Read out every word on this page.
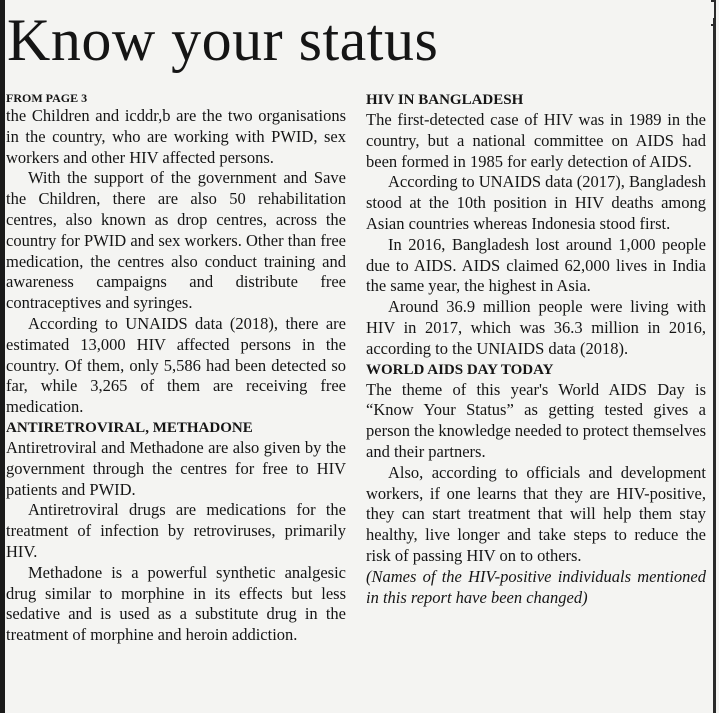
Know your status
FROM PAGE 3

the Children and icddr,b are the two organisations in the country, who are working with PWID, sex workers and other HIV affected persons.

With the support of the government and Save the Children, there are also 50 rehabilitation centres, also known as drop centres, across the country for PWID and sex workers. Other than free medication, the centres also conduct training and awareness campaigns and distribute free contraceptives and syringes.

According to UNAIDS data (2018), there are estimated 13,000 HIV affected persons in the country. Of them, only 5,586 had been detected so far, while 3,265 of them are receiving free medication.

ANTIRETROVIRAL, METHADONE

Antiretroviral and Methadone are also given by the government through the centres for free to HIV patients and PWID.

Antiretroviral drugs are medications for the treatment of infection by retroviruses, primarily HIV.

Methadone is a powerful synthetic analgesic drug similar to morphine in its effects but less sedative and is used as a substitute drug in the treatment of morphine and heroin addiction.

HIV IN BANGLADESH

The first-detected case of HIV was in 1989 in the country, but a national committee on AIDS had been formed in 1985 for early detection of AIDS.

According to UNAIDS data (2017), Bangladesh stood at the 10th position in HIV deaths among Asian countries whereas Indonesia stood first.

In 2016, Bangladesh lost around 1,000 people due to AIDS. AIDS claimed 62,000 lives in India the same year, the highest in Asia.

Around 36.9 million people were living with HIV in 2017, which was 36.3 million in 2016, according to the UNIAIDS data (2018).

WORLD AIDS DAY TODAY

The theme of this year's World AIDS Day is “Know Your Status” as getting tested gives a person the knowledge needed to protect themselves and their partners.

Also, according to officials and development workers, if one learns that they are HIV-positive, they can start treatment that will help them stay healthy, live longer and take steps to reduce the risk of passing HIV on to others.

(Names of the HIV-positive individuals mentioned in this report have been changed)
